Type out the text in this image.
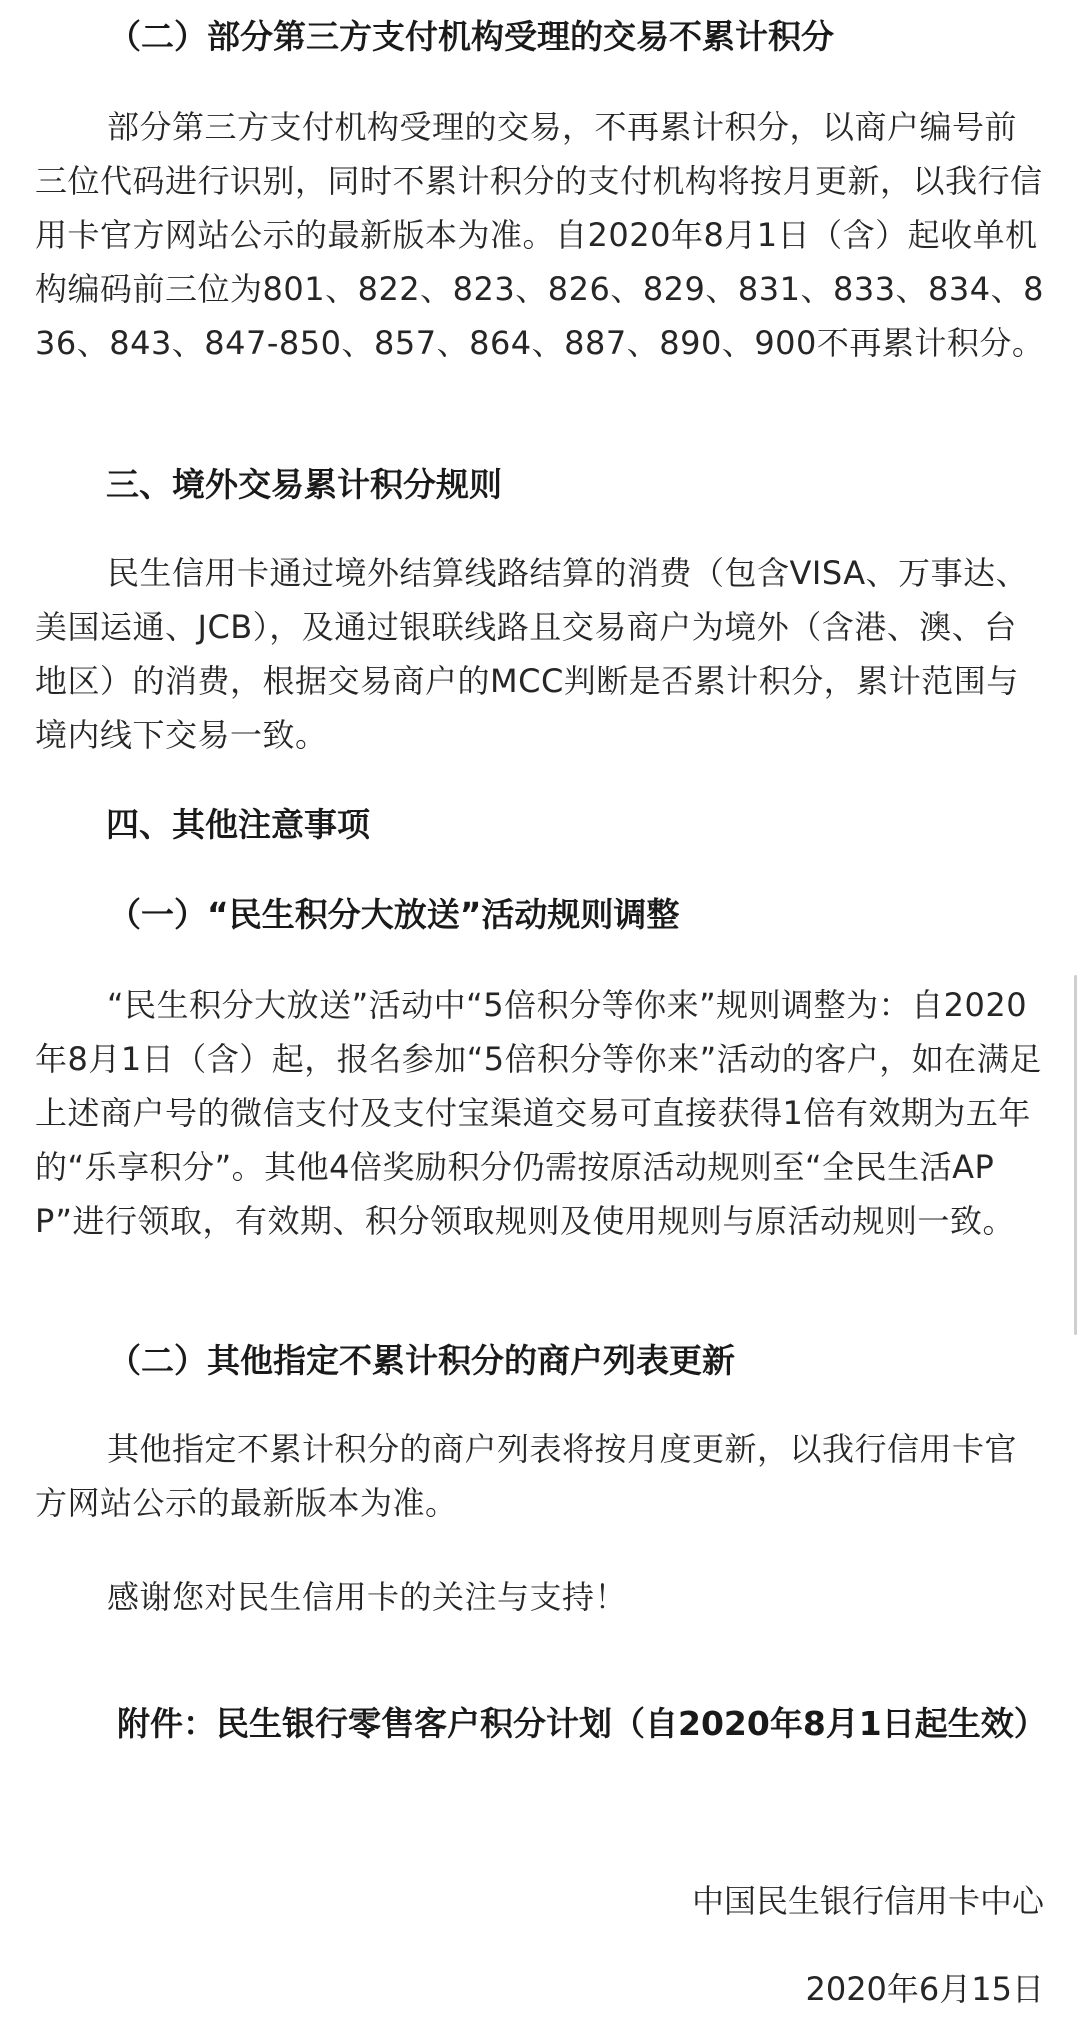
（二）部分第三方支付机构受理的交易不累计积分

部分第三方支付机构受理的交易，不再累计积分，以商户编号前三位代码进行识别，同时不累计积分的支付机构将按月更新，以我行信用卡官方网站公示的最新版本为准。自2020年8月1日（含）起收单机构编码前三位为801、822、823、826、829、831、833、834、836、843、847-850、857、864、887、890、900不再累计积分。

三、境外交易累计积分规则

民生信用卡通过境外结算线路结算的消费（包含VISA、万事达、美国运通、JCB），及通过银联线路且交易商户为境外（含港、澳、台地区）的消费，根据交易商户的MCC判断是否累计积分，累计范围与境内线下交易一致。

四、其他注意事项
（一）“民生积分大放送”活动规则调整

“民生积分大放送”活动中“5倍积分等你来”规则调整为：自2020年8月1日（含）起，报名参加“5倍积分等你来”活动的客户，如在满足上述商户号的微信支付及支付宝渠道交易可直接获得1倍有效期为五年的“乐享积分”。其他4倍奖励积分仍需按原活动规则至“全民生活APP”进行领取，有效期、积分领取规则及使用规则与原活动规则一致。

（二）其他指定不累计积分的商户列表更新

其他指定不累计积分的商户列表将按月度更新，以我行信用卡官方网站公示的最新版本为准。

感谢您对民生信用卡的关注与支持！

附件：民生银行零售客户积分计划（自2020年8月1日起生效）

中国民生银行信用卡中心

2020年6月15日
